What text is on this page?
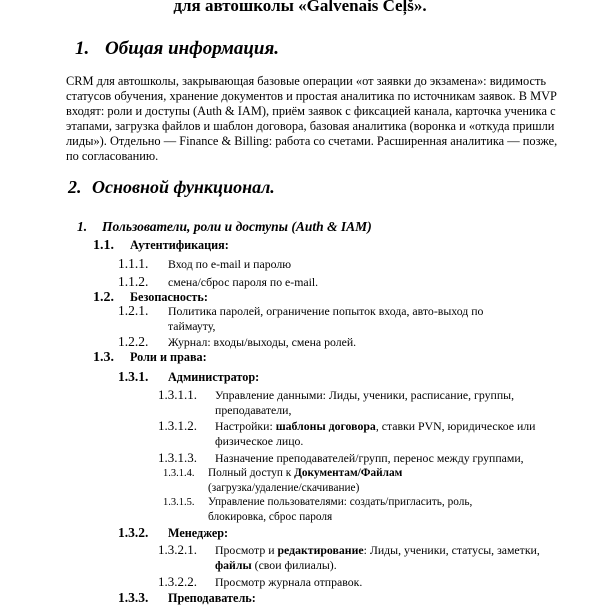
для автошколы «Galvenais Ceļš».
1. Общая информация.
CRM для автошколы, закрывающая базовые операции «от заявки до экзамена»: видимость статусов обучения, хранение документов и простая аналитика по источникам заявок. В MVP входят: роли и доступы (Auth & IAM), приём заявок с фиксацией канала, карточка ученика с этапами, загрузка файлов и шаблон договора, базовая аналитика (воронка и «откуда пришли лиды»). Отдельно — Finance & Billing: работа со счетами. Расширенная аналитика — позже, по согласованию.
2. Основной функционал.
1.	Пользователи, роли и доступы (Auth & IAM)
1.1.	Аутентификация:
1.1.1.	Вход по e-mail и паролю
1.1.2.	смена/сброс пароля по e-mail.
1.2.	Безопасность:
1.2.1.	Политика паролей, ограничение попыток входа, авто-выход по
таймауту,
1.2.2.	Журнал: входы/выходы, смена ролей.
1.3.	Роли и права:
1.3.1.	Администратор:
1.3.1.1.	Управление данными: Лиды, ученики, расписание, группы,
преподаватели,
1.3.1.2.	Настройки: шаблоны договора, ставки PVN, юридическое или
физическое лицо.
1.3.1.3.	Назначение преподавателей/групп, перенос между группами,
1.3.1.4.	Полный доступ к Документам/Файлам
(загрузка/удаление/скачивание)
1.3.1.5.	Управление пользователями: создать/пригласить, роль,
блокировка, сброс пароля
1.3.2.	Менеджер:
1.3.2.1.	Просмотр и редактирование: Лиды, ученики, статусы, заметки,
файлы (свои филиалы).
1.3.2.2.	Просмотр журнала отправок.
1.3.3.	Преподаватель:
